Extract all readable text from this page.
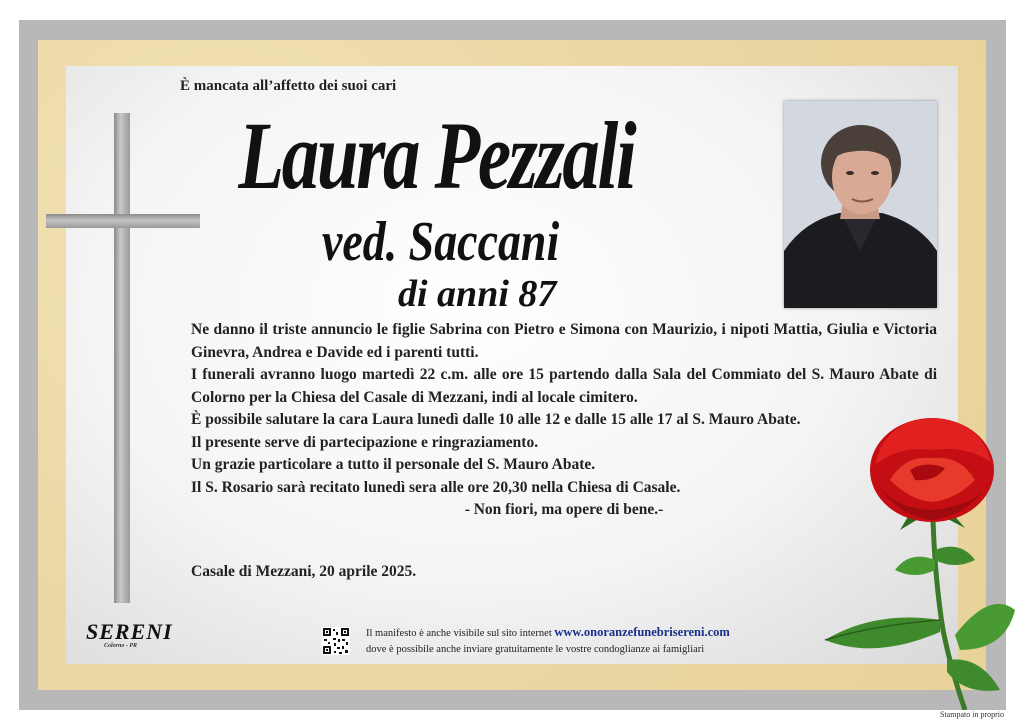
È mancata all’affetto dei suoi cari
Laura Pezzali
ved. Saccani
di anni 87

Ne danno il triste annuncio le figlie Sabrina con Pietro e Simona con Maurizio, i nipoti Mattia, Giulia e Victoria Ginevra, Andrea e Davide ed i parenti tutti.

I funerali avranno luogo martedì 22 c.m. alle ore 15 partendo dalla Sala del Commiato del S. Mauro Abate di Colorno per la Chiesa del Casale di Mezzani, indi al locale cimitero.

È possibile salutare la cara Laura lunedì dalle 10 alle 12 e dalle 15 alle 17 al S. Mauro Abate.

Il presente serve di partecipazione e ringraziamento.

Un grazie particolare a tutto il personale del S. Mauro Abate.

Il S. Rosario sarà recitato lunedì sera alle ore 20,30 nella Chiesa di Casale.

- Non fiori, ma opere di bene.-

Casale di Mezzani, 20 aprile 2025.
SERENI
Colorno - PR
Il manifesto è anche visibile sul sito internet www.onoranzefunebrisereni.com
dove è possibile anche inviare gratuitamente le vostre condoglianze ai famigliari
Stampato in proprio
